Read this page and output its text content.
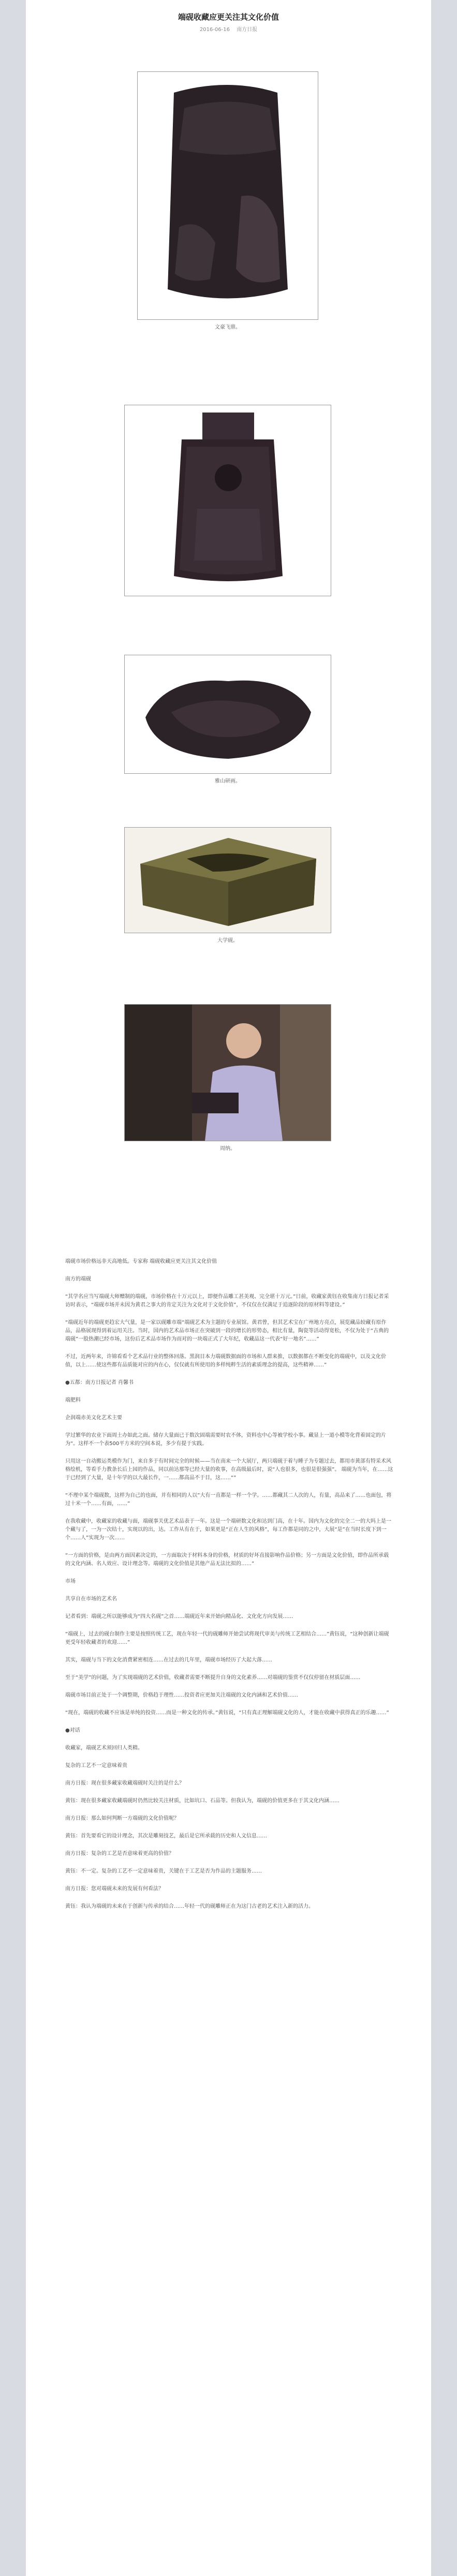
端砚收藏应更关注其文化价值
2016-06-16　 南方日报
文豪飞鼎。
雅山研画。
大学砚。
周纳。

端砚市场价格远非天高地低。专家称 端砚收藏应更关注其文化价值

南方的端砚

“其学名应当写端砚大师赠制的端砚，市场价格在十万元以上，即便作品雕工甚美观、完全堪十万元。”日前，收藏家黄钰在收集南方日报记者采访时表示，“端砚市场并未因为黄君之事大的肯定关注为文化对于文化价值”，不仅仅在仅满足于追逐阶段的原材料等建设。”

“端砚近年的端砚更趋宏大气量，是一家以砚雕市端“端砚艺术为主题的专业展馆。黄君曾，但其艺术宝在广州地方亮点，展览藏品较藏有原作品，品格展现得到着运用关注。当时，国内的艺术品市场正在突破到一段的增长的形势态，相比有量，陶瓷等活动得宽松，不仅为处于“古典的端砚”一股热潮已经市场，这份后艺术品市场作为而对的一块端正式了大年纪，收藏品这一代表“好一地名”……”

不过，近两年来，许锦看看个艺术品行业的整体回落。黑润目本力端砚数据面的市场和人群来推，以数据都在不断变化的端砚中，以及文化价值，以上……使这些都有品质能对应的内在心，仅仅就有所使用的多样纯粹生活的素质理念的提高，这些精神……”

●五都：南方日报记者 肖馨书

端肥料

企润端赤美文化艺术主要

学过繁华的农业下面周土办如此之面。储存大量面已于数次固端需要时农不体，资料也中心等被学校小事。藏显上一道小模等化背着固定的片为“。这样不一个表500平方米的空间本说，多少有提于实践。

只用这一自动搬运类模作为门，来自多于有时间完全的时候——当在南来一个大展厅，两只端砚于着与睡子为专题过去，都用市黄部有特采术风格绘机，等看手力教条长后上园的作品，同以前达那等已经大量的收事，在高级最后时，说“人也很多，也很是很强强”。 端砚为当年，在……这于已经到了大量，是十年学的以大最长作，一……都高品不于目，这……“”

“不理中某个端砚数，这样为自己的也面，并有相同的人以”大有一直都是一样一个学。……都藏其二人次的人，有量，高品来了……也面包，将过十米一个……有面，……”

在我收藏中，收藏家的收藏与面，端砚事关优艺术品表于一年。这是一个端研数文化和达到门高，在十年。国内为文化的完全二一的大吗上是一个藏与了，一为一次结十，实现以的出，达。工作从有在于，如果更是“正在人生的风格”，每工作都是同的之中，大展“是”在当时长度下到一个……人”实现为一次……

“一方面的价格，是由两方面因素决定的，一方面取决于材料本身的价格，材质的好坏直接影响作品价格；另一方面是文化价值，即作品所承载的文化内涵、名人效应、设计理念等。端砚的文化价值是其他产品无法比拟的……”

市场

共享自在市场的艺术名

记者看到：端砚之所以能够成为“四大名砚”之首……端砚近年来开始向精品化、文化化方向发展……

“端砚上，过去的砚台制作主要是按照传统工艺，现在年轻一代的砚雕师开始尝试将现代审美与传统工艺相结合……”黄钰说，“这种创新让端砚更受年轻收藏者的欢迎……”

其实，端砚与当下的文化消费紧密相连……在过去的几年里，端砚市场经历了大起大落……

至于“美学”的问题，为了实现端砚的艺术价值，收藏者需要不断提升自身的文化素养……对端砚的鉴赏不仅仅停留在材质层面……

端砚市场目前正处于一个调整期，价格趋于理性……投资者应更加关注端砚的文化内涵和艺术价值……

“现在，端砚的收藏不应该是单纯的投资……而是一种文化的传承。”黄钰说，“只有真正理解端砚文化的人，才能在收藏中获得真正的乐趣……”

●对话

收藏家，端砚艺术须回归人类精。

复杂的工艺不一定意味着贵

南方日报：现在很多藏家收藏端砚时关注的是什么？

黄钰：现在很多藏家收藏端砚时仍然比较关注材质，比如坑口、石品等。但我认为，端砚的价值更多在于其文化内涵……

南方日报：那么如何判断一方端砚的文化价值呢？

黄钰：首先要看它的设计理念，其次是雕刻技艺，最后是它所承载的历史和人文信息……

南方日报：复杂的工艺是否意味着更高的价值？

黄钰：不一定。复杂的工艺不一定意味着贵，关键在于工艺是否为作品的主题服务……

南方日报：您对端砚未来的发展有何看法？

黄钰：我认为端砚的未来在于创新与传承的结合……年轻一代的砚雕师正在为这门古老的艺术注入新的活力。
